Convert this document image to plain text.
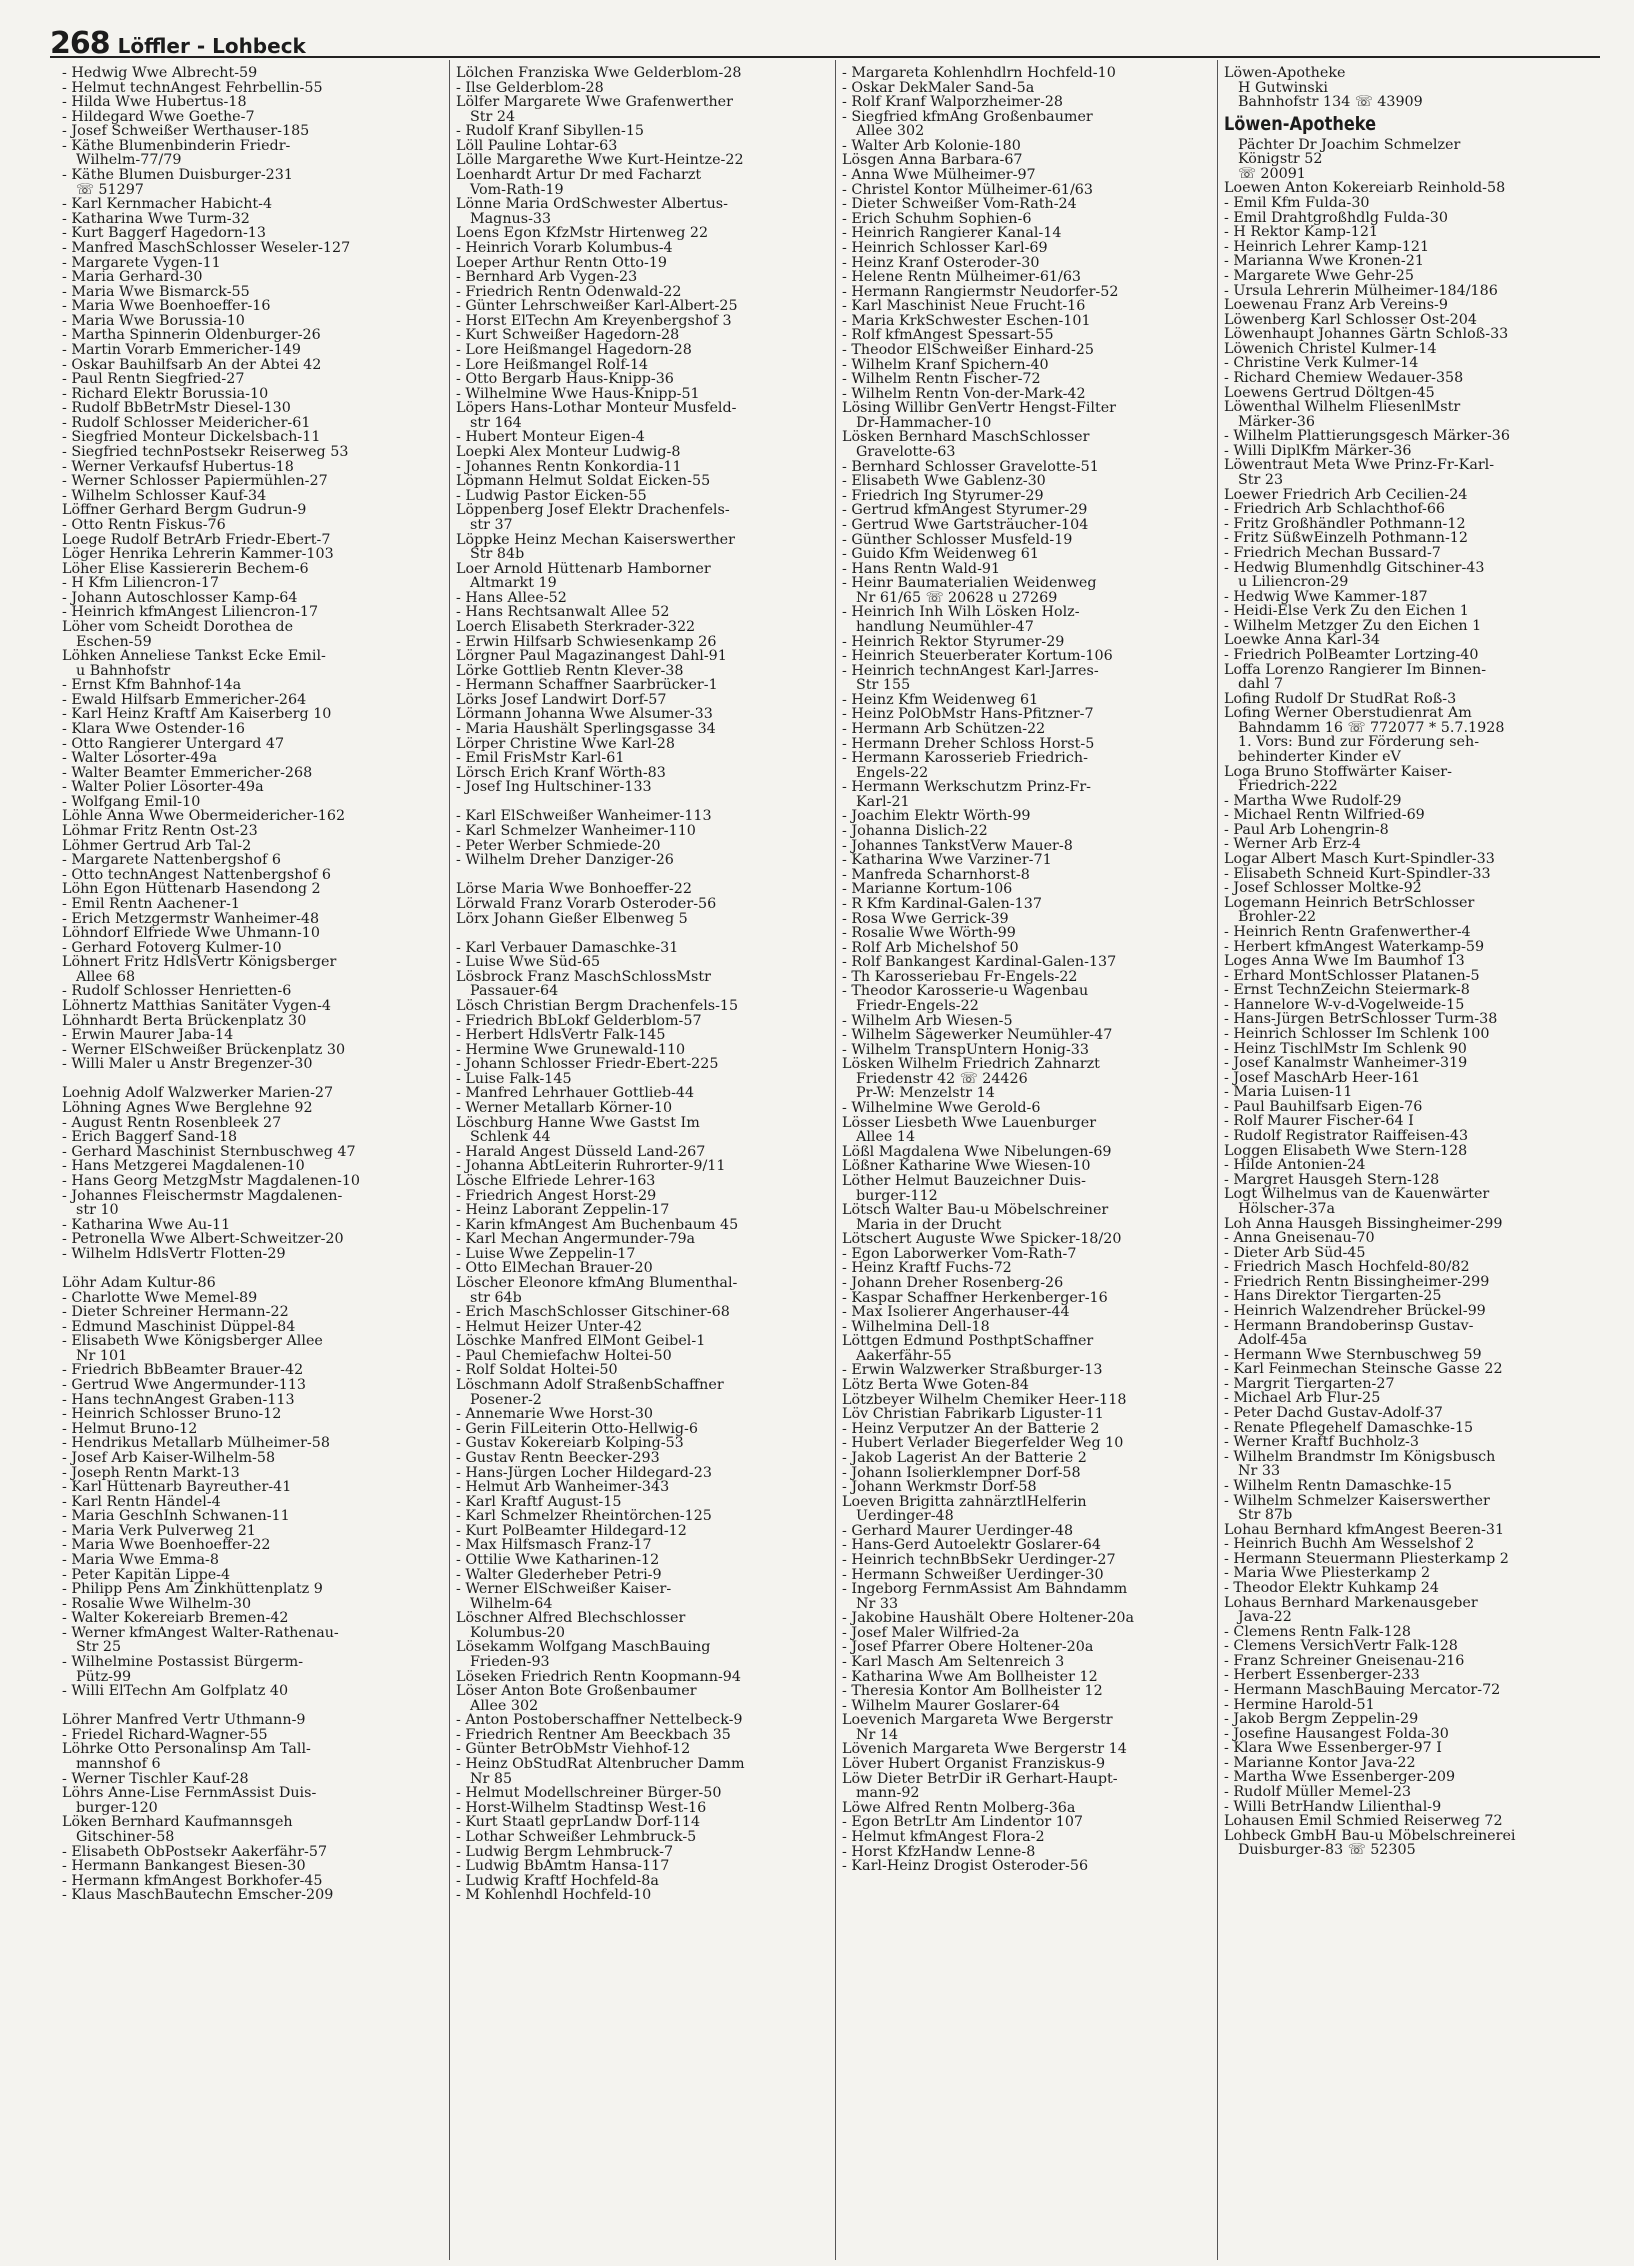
268 Löffler - Lohbeck
- Hedwig Wwe Albrecht-59
- Helmut technAngest Fehrbellin-55
- Hilda Wwe Hubertus-18
- Hildegard Wwe Goethe-7
- Josef Schweißer Werthauser-185
- Käthe Blumenbinderin Friedr-
Wilhelm-77/79
- Käthe Blumen Duisburger-231
☏ 51297
- Karl Kernmacher Habicht-4
- Katharina Wwe Turm-32
- Kurt Baggerf Hagedorn-13
- Manfred MaschSchlosser Weseler-127
- Margarete Vygen-11
- Maria Gerhard-30
- Maria Wwe Bismarck-55
- Maria Wwe Boenhoeffer-16
- Maria Wwe Borussia-10
- Martha Spinnerin Oldenburger-26
- Martin Vorarb Emmericher-149
- Oskar Bauhilfsarb An der Abtei 42
- Paul Rentn Siegfried-27
- Richard Elektr Borussia-10
- Rudolf BbBetrMstr Diesel-130
- Rudolf Schlosser Meidericher-61
- Siegfried Monteur Dickelsbach-11
- Siegfried technPostsekr Reiserweg 53
- Werner Verkaufsf Hubertus-18
- Werner Schlosser Papiermühlen-27
- Wilhelm Schlosser Kauf-34
Löffner Gerhard Bergm Gudrun-9
- Otto Rentn Fiskus-76
Loege Rudolf BetrArb Friedr-Ebert-7
Löger Henrika Lehrerin Kammer-103
Löher Elise Kassiererin Bechem-6
- H Kfm Liliencron-17
- Johann Autoschlosser Kamp-64
- Heinrich kfmAngest Liliencron-17
Löher vom Scheidt Dorothea de
Eschen-59
Löhken Anneliese Tankst Ecke Emil-
u Bahnhofstr
- Ernst Kfm Bahnhof-14a
- Ewald Hilfsarb Emmericher-264
- Karl Heinz Kraftf Am Kaiserberg 10
- Klara Wwe Ostender-16
- Otto Rangierer Untergard 47
- Walter Lösorter-49a
- Walter Beamter Emmericher-268
- Walter Polier Lösorter-49a
- Wolfgang Emil-10
Löhle Anna Wwe Obermeidericher-162
Löhmar Fritz Rentn Ost-23
Löhmer Gertrud Arb Tal-2
- Margarete Nattenbergshof 6
- Otto technAngest Nattenbergshof 6
Löhn Egon Hüttenarb Hasendong 2
- Emil Rentn Aachener-1
- Erich Metzgermstr Wanheimer-48
Löhndorf Elfriede Wwe Uhmann-10
- Gerhard Fotoverg Kulmer-10
Löhnert Fritz HdlsVertr Königsberger
Allee 68
- Rudolf Schlosser Henrietten-6
Löhnertz Matthias Sanitäter Vygen-4
Löhnhardt Berta Brückenplatz 30
- Erwin Maurer Jaba-14
- Werner ElSchweißer Brückenplatz 30
- Willi Maler u Anstr Bregenzer-30

Loehnig Adolf Walzwerker Marien-27
Löhning Agnes Wwe Berglehne 92
- August Rentn Rosenbleek 27
- Erich Baggerf Sand-18
- Gerhard Maschinist Sternbuschweg 47
- Hans Metzgerei Magdalenen-10
- Hans Georg MetzgMstr Magdalenen-10
- Johannes Fleischermstr Magdalenen-
str 10
- Katharina Wwe Au-11
- Petronella Wwe Albert-Schweitzer-20
- Wilhelm HdlsVertr Flotten-29

Löhr Adam Kultur-86
- Charlotte Wwe Memel-89
- Dieter Schreiner Hermann-22
- Edmund Maschinist Düppel-84
- Elisabeth Wwe Königsberger Allee
Nr 101
- Friedrich BbBeamter Brauer-42
- Gertrud Wwe Angermunder-113
- Hans technAngest Graben-113
- Heinrich Schlosser Bruno-12
- Helmut Bruno-12
- Hendrikus Metallarb Mülheimer-58
- Josef Arb Kaiser-Wilhelm-58
- Joseph Rentn Markt-13
- Karl Hüttenarb Bayreuther-41
- Karl Rentn Händel-4
- Maria GeschInh Schwanen-11
- Maria Verk Pulverweg 21
- Maria Wwe Boenhoeffer-22
- Maria Wwe Emma-8
- Peter Kapitän Lippe-4
- Philipp Pens Am Zinkhüttenplatz 9
- Rosalie Wwe Wilhelm-30
- Walter Kokereiarb Bremen-42
- Werner kfmAngest Walter-Rathenau-
Str 25
- Wilhelmine Postassist Bürgerm-
Pütz-99
- Willi ElTechn Am Golfplatz 40

Löhrer Manfred Vertr Uthmann-9
- Friedel Richard-Wagner-55
Löhrke Otto Personalinsp Am Tall-
mannshof 6
- Werner Tischler Kauf-28
Löhrs Anne-Lise FernmAssist Duis-
burger-120
Löken Bernhard Kaufmannsgeh
Gitschiner-58
- Elisabeth ObPostsekr Aakerfähr-57
- Hermann Bankangest Biesen-30
- Hermann kfmAngest Borkhofer-45
- Klaus MaschBautechn Emscher-209
Lölchen Franziska Wwe Gelderblom-28
- Ilse Gelderblom-28
Lölfer Margarete Wwe Grafenwerther
Str 24
- Rudolf Kranf Sibyllen-15
Löll Pauline Lohtar-63
Lölle Margarethe Wwe Kurt-Heintze-22
Loenhardt Artur Dr med Facharzt
Vom-Rath-19
Lönne Maria OrdSchwester Albertus-
Magnus-33
Loens Egon KfzMstr Hirtenweg 22
- Heinrich Vorarb Kolumbus-4
Loeper Arthur Rentn Otto-19
- Bernhard Arb Vygen-23
- Friedrich Rentn Odenwald-22
- Günter Lehrschweißer Karl-Albert-25
- Horst ElTechn Am Kreyenbergshof 3
- Kurt Schweißer Hagedorn-28
- Lore Heißmangel Hagedorn-28
- Lore Heißmangel Rolf-14
- Otto Bergarb Haus-Knipp-36
- Wilhelmine Wwe Haus-Knipp-51
Löpers Hans-Lothar Monteur Musfeld-
str 164
- Hubert Monteur Eigen-4
Loepki Alex Monteur Ludwig-8
- Johannes Rentn Konkordia-11
Löpmann Helmut Soldat Eicken-55
- Ludwig Pastor Eicken-55
Löppenberg Josef Elektr Drachenfels-
str 37
Löppke Heinz Mechan Kaiserswerther
Str 84b
Loer Arnold Hüttenarb Hamborner
Altmarkt 19
- Hans Allee-52
- Hans Rechtsanwalt Allee 52
Loerch Elisabeth Sterkrader-322
- Erwin Hilfsarb Schwiesenkamp 26
Lörgner Paul Magazinangest Dahl-91
Lörke Gottlieb Rentn Klever-38
- Hermann Schaffner Saarbrücker-1
Lörks Josef Landwirt Dorf-57
Lörmann Johanna Wwe Alsumer-33
- Maria Haushält Sperlingsgasse 34
Lörper Christine Wwe Karl-28
- Emil FrisMstr Karl-61
Lörsch Erich Kranf Wörth-83
- Josef Ing Hultschiner-133

- Karl ElSchweißer Wanheimer-113
- Karl Schmelzer Wanheimer-110
- Peter Werber Schmiede-20
- Wilhelm Dreher Danziger-26

Lörse Maria Wwe Bonhoeffer-22
Lörwald Franz Vorarb Osteroder-56
Lörx Johann Gießer Elbenweg 5

- Karl Verbauer Damaschke-31
- Luise Wwe Süd-65
Lösbrock Franz MaschSchlossMstr
Passauer-64
Lösch Christian Bergm Drachenfels-15
- Friedrich BbLokf Gelderblom-57
- Herbert HdlsVertr Falk-145
- Hermine Wwe Grunewald-110
- Johann Schlosser Friedr-Ebert-225
- Luise Falk-145
- Manfred Lehrhauer Gottlieb-44
- Werner Metallarb Körner-10
Löschburg Hanne Wwe Gastst Im
Schlenk 44
- Harald Angest Düsseld Land-267
- Johanna AbtLeiterin Ruhrorter-9/11
Lösche Elfriede Lehrer-163
- Friedrich Angest Horst-29
- Heinz Laborant Zeppelin-17
- Karin kfmAngest Am Buchenbaum 45
- Karl Mechan Angermunder-79a
- Luise Wwe Zeppelin-17
- Otto ElMechan Brauer-20
Löscher Eleonore kfmAng Blumenthal-
str 64b
- Erich MaschSchlosser Gitschiner-68
- Helmut Heizer Unter-42
Löschke Manfred ElMont Geibel-1
- Paul Chemiefachw Holtei-50
- Rolf Soldat Holtei-50
Löschmann Adolf StraßenbSchaffner
Posener-2
- Annemarie Wwe Horst-30
- Gerin FilLeiterin Otto-Hellwig-6
- Gustav Kokereiarb Kolping-53
- Gustav Rentn Beecker-293
- Hans-Jürgen Locher Hildegard-23
- Helmut Arb Wanheimer-343
- Karl Kraftf August-15
- Karl Schmelzer Rheintörchen-125
- Kurt PolBeamter Hildegard-12
- Max Hilfsmasch Franz-17
- Ottilie Wwe Katharinen-12
- Walter Glederheber Petri-9
- Werner ElSchweißer Kaiser-
Wilhelm-64
Löschner Alfred Blechschlosser
Kolumbus-20
Lösekamm Wolfgang MaschBauing
Frieden-93
Löseken Friedrich Rentn Koopmann-94
Löser Anton Bote Großenbaumer
Allee 302
- Anton Postoberschaffner Nettelbeck-9
- Friedrich Rentner Am Beeckbach 35
- Günter BetrObMstr Viehhof-12
- Heinz ObStudRat Altenbrucher Damm
Nr 85
- Helmut Modellschreiner Bürger-50
- Horst-Wilhelm Stadtinsp West-16
- Kurt Staatl geprLandw Dorf-114
- Lothar Schweißer Lehmbruck-5
- Ludwig Bergm Lehmbruck-7
- Ludwig BbAmtm Hansa-117
- Ludwig Kraftf Hochfeld-8a
- M Kohlenhdl Hochfeld-10
- Margareta Kohlenhdlrn Hochfeld-10
- Oskar DekMaler Sand-5a
- Rolf Kranf Walporzheimer-28
- Siegfried kfmAng Großenbaumer
Allee 302
- Walter Arb Kolonie-180
Lösgen Anna Barbara-67
- Anna Wwe Mülheimer-97
- Christel Kontor Mülheimer-61/63
- Dieter Schweißer Vom-Rath-24
- Erich Schuhm Sophien-6
- Heinrich Rangierer Kanal-14
- Heinrich Schlosser Karl-69
- Heinz Kranf Osteroder-30
- Helene Rentn Mülheimer-61/63
- Hermann Rangiermstr Neudorfer-52
- Karl Maschinist Neue Frucht-16
- Maria KrkSchwester Eschen-101
- Rolf kfmAngest Spessart-55
- Theodor ElSchweißer Einhard-25
- Wilhelm Kranf Spichern-40
- Wilhelm Rentn Fischer-72
- Wilhelm Rentn Von-der-Mark-42
Lösing Willibr GenVertr Hengst-Filter
Dr-Hammacher-10
Lösken Bernhard MaschSchlosser
Gravelotte-63
- Bernhard Schlosser Gravelotte-51
- Elisabeth Wwe Gablenz-30
- Friedrich Ing Styrumer-29
- Gertrud kfmAngest Styrumer-29
- Gertrud Wwe Gartsträucher-104
- Günther Schlosser Musfeld-19
- Guido Kfm Weidenweg 61
- Hans Rentn Wald-91
- Heinr Baumaterialien Weidenweg
Nr 61/65 ☏ 20628 u 27269
- Heinrich Inh Wilh Lösken Holz-
handlung Neumühler-47
- Heinrich Rektor Styrumer-29
- Heinrich Steuerberater Kortum-106
- Heinrich technAngest Karl-Jarres-
Str 155
- Heinz Kfm Weidenweg 61
- Heinz PolObMstr Hans-Pfitzner-7
- Hermann Arb Schützen-22
- Hermann Dreher Schloss Horst-5
- Hermann Karosserieb Friedrich-
Engels-22
- Hermann Werkschutzm Prinz-Fr-
Karl-21
- Joachim Elektr Wörth-99
- Johanna Dislich-22
- Johannes TankstVerw Mauer-8
- Katharina Wwe Varziner-71
- Manfreda Scharnhorst-8
- Marianne Kortum-106
- R Kfm Kardinal-Galen-137
- Rosa Wwe Gerrick-39
- Rosalie Wwe Wörth-99
- Rolf Arb Michelshof 50
- Rolf Bankangest Kardinal-Galen-137
- Th Karosseriebau Fr-Engels-22
- Theodor Karosserie-u Wagenbau
Friedr-Engels-22
- Wilhelm Arb Wiesen-5
- Wilhelm Sägewerker Neumühler-47
- Wilhelm TranspUntern Honig-33
Lösken Wilhelm Friedrich Zahnarzt
Friedenstr 42 ☏ 24426
Pr-W: Menzelstr 14
- Wilhelmine Wwe Gerold-6
Lösser Liesbeth Wwe Lauenburger
Allee 14
Lößl Magdalena Wwe Nibelungen-69
Lößner Katharine Wwe Wiesen-10
Löther Helmut Bauzeichner Duis-
burger-112
Lötsch Walter Bau-u Möbelschreiner
Maria in der Drucht
Lötschert Auguste Wwe Spicker-18/20
- Egon Laborwerker Vom-Rath-7
- Heinz Kraftf Fuchs-72
- Johann Dreher Rosenberg-26
- Kaspar Schaffner Herkenberger-16
- Max Isolierer Angerhauser-44
- Wilhelmina Dell-18
Löttgen Edmund PosthptSchaffner
Aakerfähr-55
- Erwin Walzwerker Straßburger-13
Lötz Berta Wwe Goten-84
Lötzbeyer Wilhelm Chemiker Heer-118
Löv Christian Fabrikarb Liguster-11
- Heinz Verputzer An der Batterie 2
- Hubert Verlader Biegerfelder Weg 10
- Jakob Lagerist An der Batterie 2
- Johann Isolierklempner Dorf-58
- Johann Werkmstr Dorf-58
Loeven Brigitta zahnärztlHelferin
Uerdinger-48
- Gerhard Maurer Uerdinger-48
- Hans-Gerd Autoelektr Goslarer-64
- Heinrich technBbSekr Uerdinger-27
- Hermann Schweißer Uerdinger-30
- Ingeborg FernmAssist Am Bahndamm
Nr 33
- Jakobine Haushält Obere Holtener-20a
- Josef Maler Wilfried-2a
- Josef Pfarrer Obere Holtener-20a
- Karl Masch Am Seltenreich 3
- Katharina Wwe Am Bollheister 12
- Theresia Kontor Am Bollheister 12
- Wilhelm Maurer Goslarer-64
Loevenich Margareta Wwe Bergerstr
Nr 14
Lövenich Margareta Wwe Bergerstr 14
Löver Hubert Organist Franziskus-9
Löw Dieter BetrDir iR Gerhart-Haupt-
mann-92
Löwe Alfred Rentn Molberg-36a
- Egon BetrLtr Am Lindentor 107
- Helmut kfmAngest Flora-2
- Horst KfzHandw Lenne-8
- Karl-Heinz Drogist Osteroder-56
Löwen-Apotheke
H Gutwinski
Bahnhofstr 134 ☏ 43909
Löwen-Apotheke
Pächter Dr Joachim Schmelzer
Königstr 52
☏ 20091
Loewen Anton Kokereiarb Reinhold-58
- Emil Kfm Fulda-30
- Emil Drahtgroßhdlg Fulda-30
- H Rektor Kamp-121
- Heinrich Lehrer Kamp-121
- Marianna Wwe Kronen-21
- Margarete Wwe Gehr-25
- Ursula Lehrerin Mülheimer-184/186
Loewenau Franz Arb Vereins-9
Löwenberg Karl Schlosser Ost-204
Löwenhaupt Johannes Gärtn Schloß-33
Löwenich Christel Kulmer-14
- Christine Verk Kulmer-14
- Richard Chemiew Wedauer-358
Loewens Gertrud Döltgen-45
Löwenthal Wilhelm FliesenlMstr
Märker-36
- Wilhelm Plattierungsgesch Märker-36
- Willi DiplKfm Märker-36
Löwentraut Meta Wwe Prinz-Fr-Karl-
Str 23
Loewer Friedrich Arb Cecilien-24
- Friedrich Arb Schlachthof-66
- Fritz Großhändler Pothmann-12
- Fritz SüßwEinzelh Pothmann-12
- Friedrich Mechan Bussard-7
- Hedwig Blumenhdlg Gitschiner-43
u Liliencron-29
- Hedwig Wwe Kammer-187
- Heidi-Else Verk Zu den Eichen 1
- Wilhelm Metzger Zu den Eichen 1
Loewke Anna Karl-34
- Friedrich PolBeamter Lortzing-40
Loffa Lorenzo Rangierer Im Binnen-
dahl 7
Lofing Rudolf Dr StudRat Roß-3
Lofing Werner Oberstudienrat Am
Bahndamm 16 ☏ 772077 * 5.7.1928
1. Vors: Bund zur Förderung seh-
behinderter Kinder eV
Loga Bruno Stoffwärter Kaiser-
Friedrich-222
- Martha Wwe Rudolf-29
- Michael Rentn Wilfried-69
- Paul Arb Lohengrin-8
- Werner Arb Erz-4
Logar Albert Masch Kurt-Spindler-33
- Elisabeth Schneid Kurt-Spindler-33
- Josef Schlosser Moltke-92
Logemann Heinrich BetrSchlosser
Brohler-22
- Heinrich Rentn Grafenwerther-4
- Herbert kfmAngest Waterkamp-59
Loges Anna Wwe Im Baumhof 13
- Erhard MontSchlosser Platanen-5
- Ernst TechnZeichn Steiermark-8
- Hannelore W-v-d-Vogelweide-15
- Hans-Jürgen BetrSchlosser Turm-38
- Heinrich Schlosser Im Schlenk 100
- Heinz TischlMstr Im Schlenk 90
- Josef Kanalmstr Wanheimer-319
- Josef MaschArb Heer-161
- Maria Luisen-11
- Paul Bauhilfsarb Eigen-76
- Rolf Maurer Fischer-64 I
- Rudolf Registrator Raiffeisen-43
Loggen Elisabeth Wwe Stern-128
- Hilde Antonien-24
- Margret Hausgeh Stern-128
Logt Wilhelmus van de Kauenwärter
Hölscher-37a
Loh Anna Hausgeh Bissingheimer-299
- Anna Gneisenau-70
- Dieter Arb Süd-45
- Friedrich Masch Hochfeld-80/82
- Friedrich Rentn Bissingheimer-299
- Hans Direktor Tiergarten-25
- Heinrich Walzendreher Brückel-99
- Hermann Brandoberinsp Gustav-
Adolf-45a
- Hermann Wwe Sternbuschweg 59
- Karl Feinmechan Steinsche Gasse 22
- Margrit Tiergarten-27
- Michael Arb Flur-25
- Peter Dachd Gustav-Adolf-37
- Renate Pflegehelf Damaschke-15
- Werner Kraftf Buchholz-3
- Wilhelm Brandmstr Im Königsbusch
Nr 33
- Wilhelm Rentn Damaschke-15
- Wilhelm Schmelzer Kaiserswerther
Str 87b
Lohau Bernhard kfmAngest Beeren-31
- Heinrich Buchh Am Wesselshof 2
- Hermann Steuermann Pliesterkamp 2
- Maria Wwe Pliesterkamp 2
- Theodor Elektr Kuhkamp 24
Lohaus Bernhard Markenausgeber
Java-22
- Clemens Rentn Falk-128
- Clemens VersichVertr Falk-128
- Franz Schreiner Gneisenau-216
- Herbert Essenberger-233
- Hermann MaschBauing Mercator-72
- Hermine Harold-51
- Jakob Bergm Zeppelin-29
- Josefine Hausangest Folda-30
- Klara Wwe Essenberger-97 I
- Marianne Kontor Java-22
- Martha Wwe Essenberger-209
- Rudolf Müller Memel-23
- Willi BetrHandw Lilienthal-9
Lohausen Emil Schmied Reiserweg 72
Lohbeck GmbH Bau-u Möbelschreinerei
Duisburger-83 ☏ 52305
